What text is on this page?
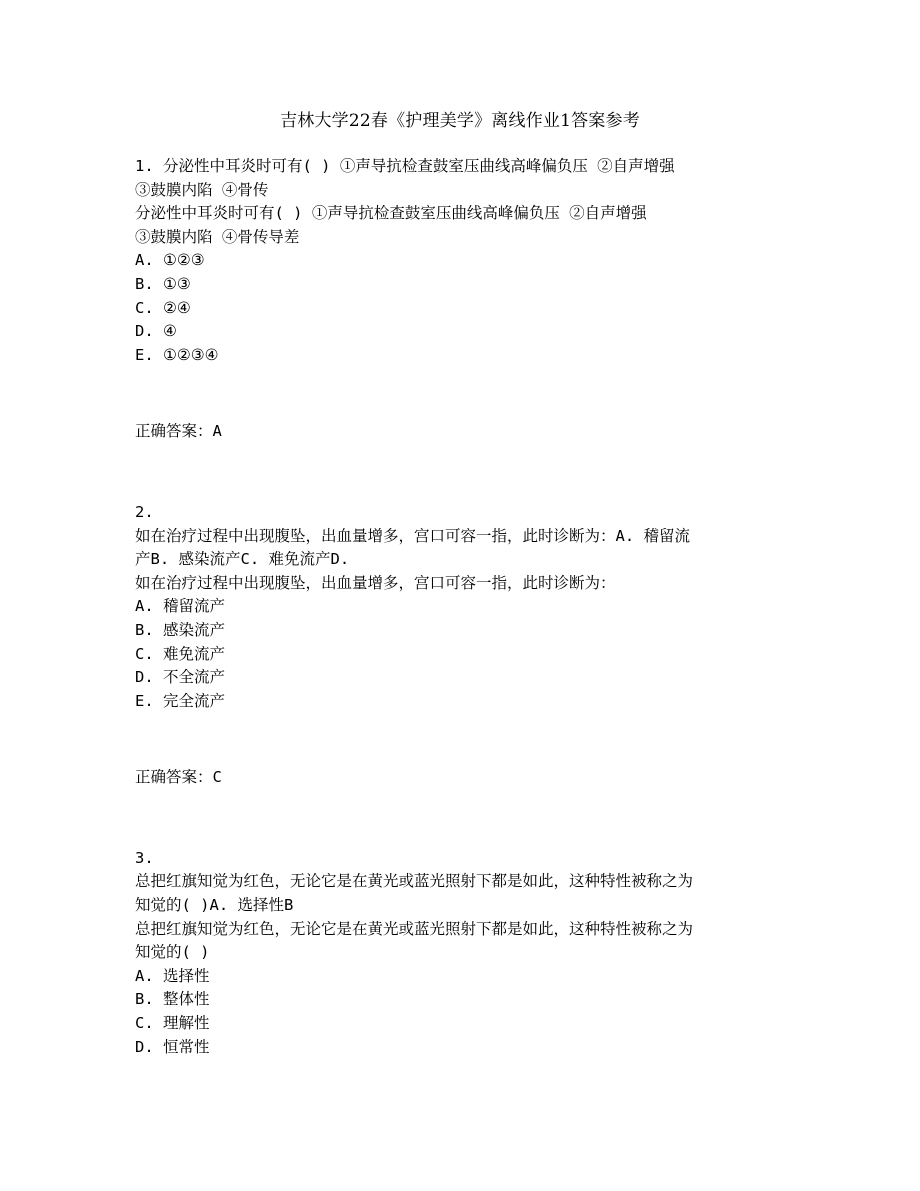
吉林大学22春《护理美学》离线作业1答案参考
1. 分泌性中耳炎时可有( ) ①声导抗检查鼓室压曲线高峰偏负压 ②自声增强
③鼓膜内陷 ④骨传
分泌性中耳炎时可有( ) ①声导抗检查鼓室压曲线高峰偏负压 ②自声增强
③鼓膜内陷 ④骨传导差
A. ①②③
B. ①③
C. ②④
D. ④
E. ①②③④
正确答案：A
2.
如在治疗过程中出现腹坠，出血量增多，宫口可容一指，此时诊断为：A. 稽留流
产B. 感染流产C. 难免流产D.
如在治疗过程中出现腹坠，出血量增多，宫口可容一指，此时诊断为：
A. 稽留流产
B. 感染流产
C. 难免流产
D. 不全流产
E. 完全流产
正确答案：C
3.
总把红旗知觉为红色，无论它是在黄光或蓝光照射下都是如此，这种特性被称之为
知觉的( )A. 选择性B
总把红旗知觉为红色，无论它是在黄光或蓝光照射下都是如此，这种特性被称之为
知觉的( )
A. 选择性
B. 整体性
C. 理解性
D. 恒常性
